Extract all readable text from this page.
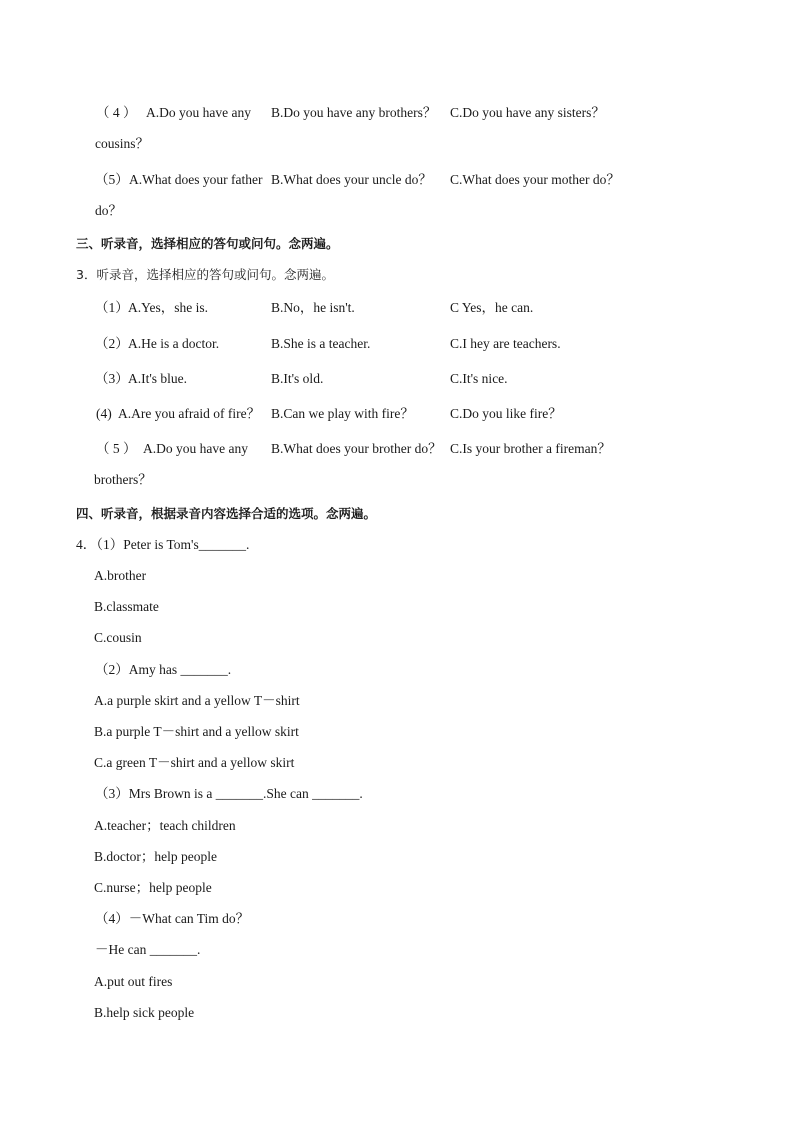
（ 4 ） A.Do you have any B.Do you have any brothers？ C.Do you have any sisters？
cousins？
（5） A.What does your father B.What does your uncle do？ C.What does your mother do？
do？
三、听录音，选择相应的答句或问句。念两遍。
3．听录音，选择相应的答句或问句。念两遍。
（1） A.Yes，she is.	B.No，he isn't.	C Yes，he can.
（2） A.He is a doctor.	B.She is a teacher.	C.I hey are teachers.
（3） A.It's blue.	B.It's old.	C.It's nice.
(4) A.Are you afraid of fire？ B.Can we play with fire？	C.Do you like fire？
（ 5 ） A.Do you have any B.What does your brother do？ C.Is your brother a fireman？
brothers？
四、听录音，根据录音内容选择合适的选项。念两遍。
4．（1）Peter is Tom's_______.
A.brother
B.classmate
C.cousin
（2）Amy has _______.
A.a purple skirt and a yellow T－shirt
B.a purple T－shirt and a yellow skirt
C.a green T－shirt and a yellow skirt
（3）Mrs Brown is a _______.She can _______.
A.teacher；teach children
B.doctor；help people
C.nurse；help people
（4）－What can Tim do？
－He can _______.
A.put out fires
B.help sick people
